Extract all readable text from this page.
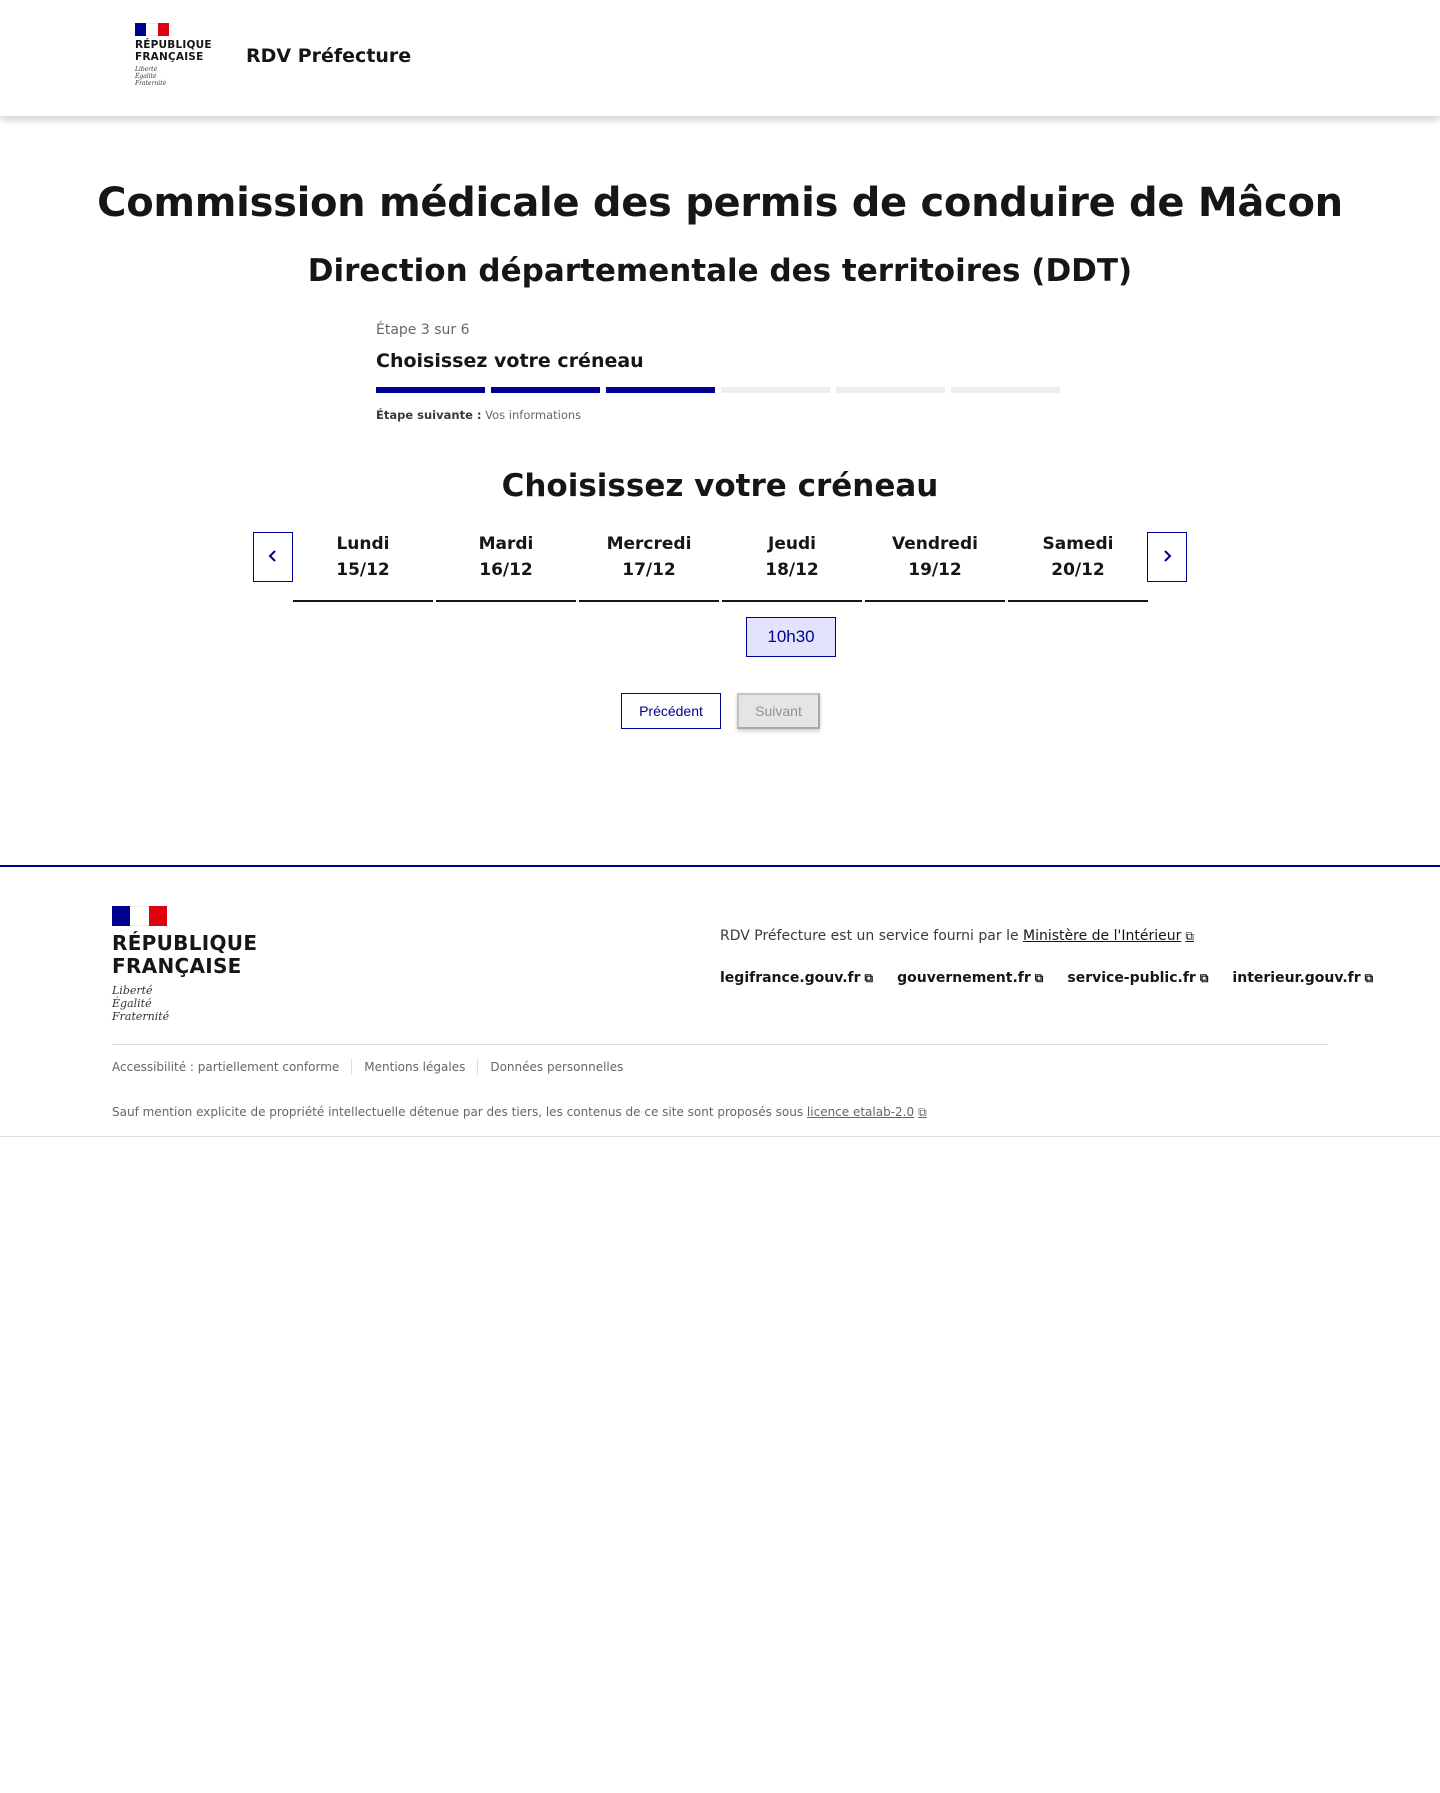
RÉPUBLIQUE
FRANÇAISE
Liberté
Égalité
Fraternité
RDV Préfecture
Commission médicale des permis de conduire de Mâcon
Direction départementale des territoires (DDT)
Étape 3 sur 6
Choisissez votre créneau
Étape suivante : Vos informations
Choisissez votre créneau
Lundi
15/12
Mardi
16/12
Mercredi
17/12
Jeudi
18/12
Vendredi
19/12
Samedi
20/12
10h30
Précédent	Suivant
RÉPUBLIQUE
FRANÇAISE
Liberté
Égalité
Fraternité
RDV Préfecture est un service fourni par le Ministère de l'Intérieur ⧉
legifrance.gouv.fr ⧉ gouvernement.fr ⧉ service-public.fr ⧉ interieur.gouv.fr ⧉
Accessibilité : partiellement conforme Mentions légales Données personnelles
Sauf mention explicite de propriété intellectuelle détenue par des tiers, les contenus de ce site sont proposés sous licence etalab-2.0 ⧉
